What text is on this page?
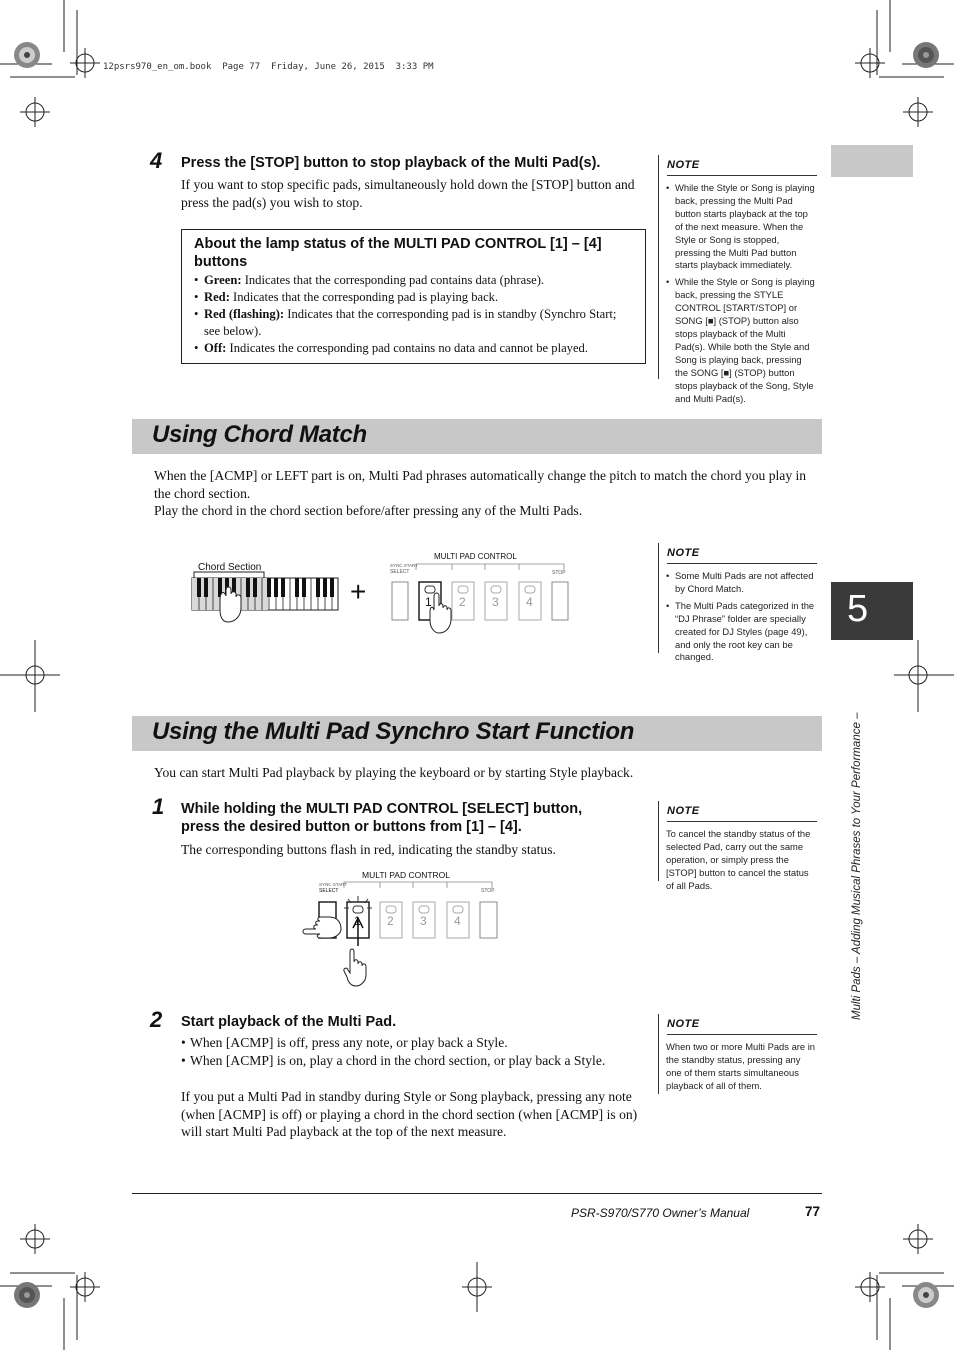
12psrs970_en_om.book  Page 77  Friday, June 26, 2015  3:33 PM
4 Press the [STOP] button to stop playback of the Multi Pad(s).
If you want to stop specific pads, simultaneously hold down the [STOP] button and press the pad(s) you wish to stop.
About the lamp status of the MULTI PAD CONTROL [1] – [4] buttons
• Green: Indicates that the corresponding pad contains data (phrase).
• Red: Indicates that the corresponding pad is playing back.
• Red (flashing): Indicates that the corresponding pad is in standby (Synchro Start; see below).
• Off: Indicates the corresponding pad contains no data and cannot be played.
NOTE
• While the Style or Song is playing back, pressing the Multi Pad button starts playback at the top of the next measure. When the Style or Song is stopped, pressing the Multi Pad button starts playback immediately.
• While the Style or Song is playing back, pressing the STYLE CONTROL [START/STOP] or SONG [■] (STOP) button also stops playback of the Multi Pad(s). While both the Style and Song is playing back, pressing the SONG [■] (STOP) button stops playback of the Song, Style and Multi Pad(s).
Using Chord Match
When the [ACMP] or LEFT part is on, Multi Pad phrases automatically change the pitch to match the chord you play in the chord section.
Play the chord in the chord section before/after pressing any of the Multi Pads.
Chord Section
+
MULTI PAD CONTROL
SYNC START
SELECT	STOP
1 2 3 4
NOTE
• Some Multi Pads are not affected by Chord Match.
• The Multi Pads categorized in the “DJ Phrase” folder are specially created for DJ Styles (page 49), and only the root key can be changed.
Using the Multi Pad Synchro Start Function
You can start Multi Pad playback by playing the keyboard or by starting Style playback.
1 While holding the MULTI PAD CONTROL [SELECT] button, press the desired button or buttons from [1] – [4].
The corresponding buttons flash in red, indicating the standby status.
MULTI PAD CONTROL
SYNC START
SELECT	STOP
1 2 3 4
NOTE
To cancel the standby status of the selected Pad, carry out the same operation, or simply press the [STOP] button to cancel the status of all Pads.
2 Start playback of the Multi Pad.
• When [ACMP] is off, press any note, or play back a Style.
• When [ACMP] is on, play a chord in the chord section, or play back a Style.
If you put a Multi Pad in standby during Style or Song playback, pressing any note (when [ACMP] is off) or playing a chord in the chord section (when [ACMP] is on) will start Multi Pad playback at the top of the next measure.
NOTE
When two or more Multi Pads are in the standby status, pressing any one of them starts simultaneous playback of all of them.
5
Multi Pads – Adding Musical Phrases to Your Performance –
PSR-S970/S770 Owner’s Manual	77
